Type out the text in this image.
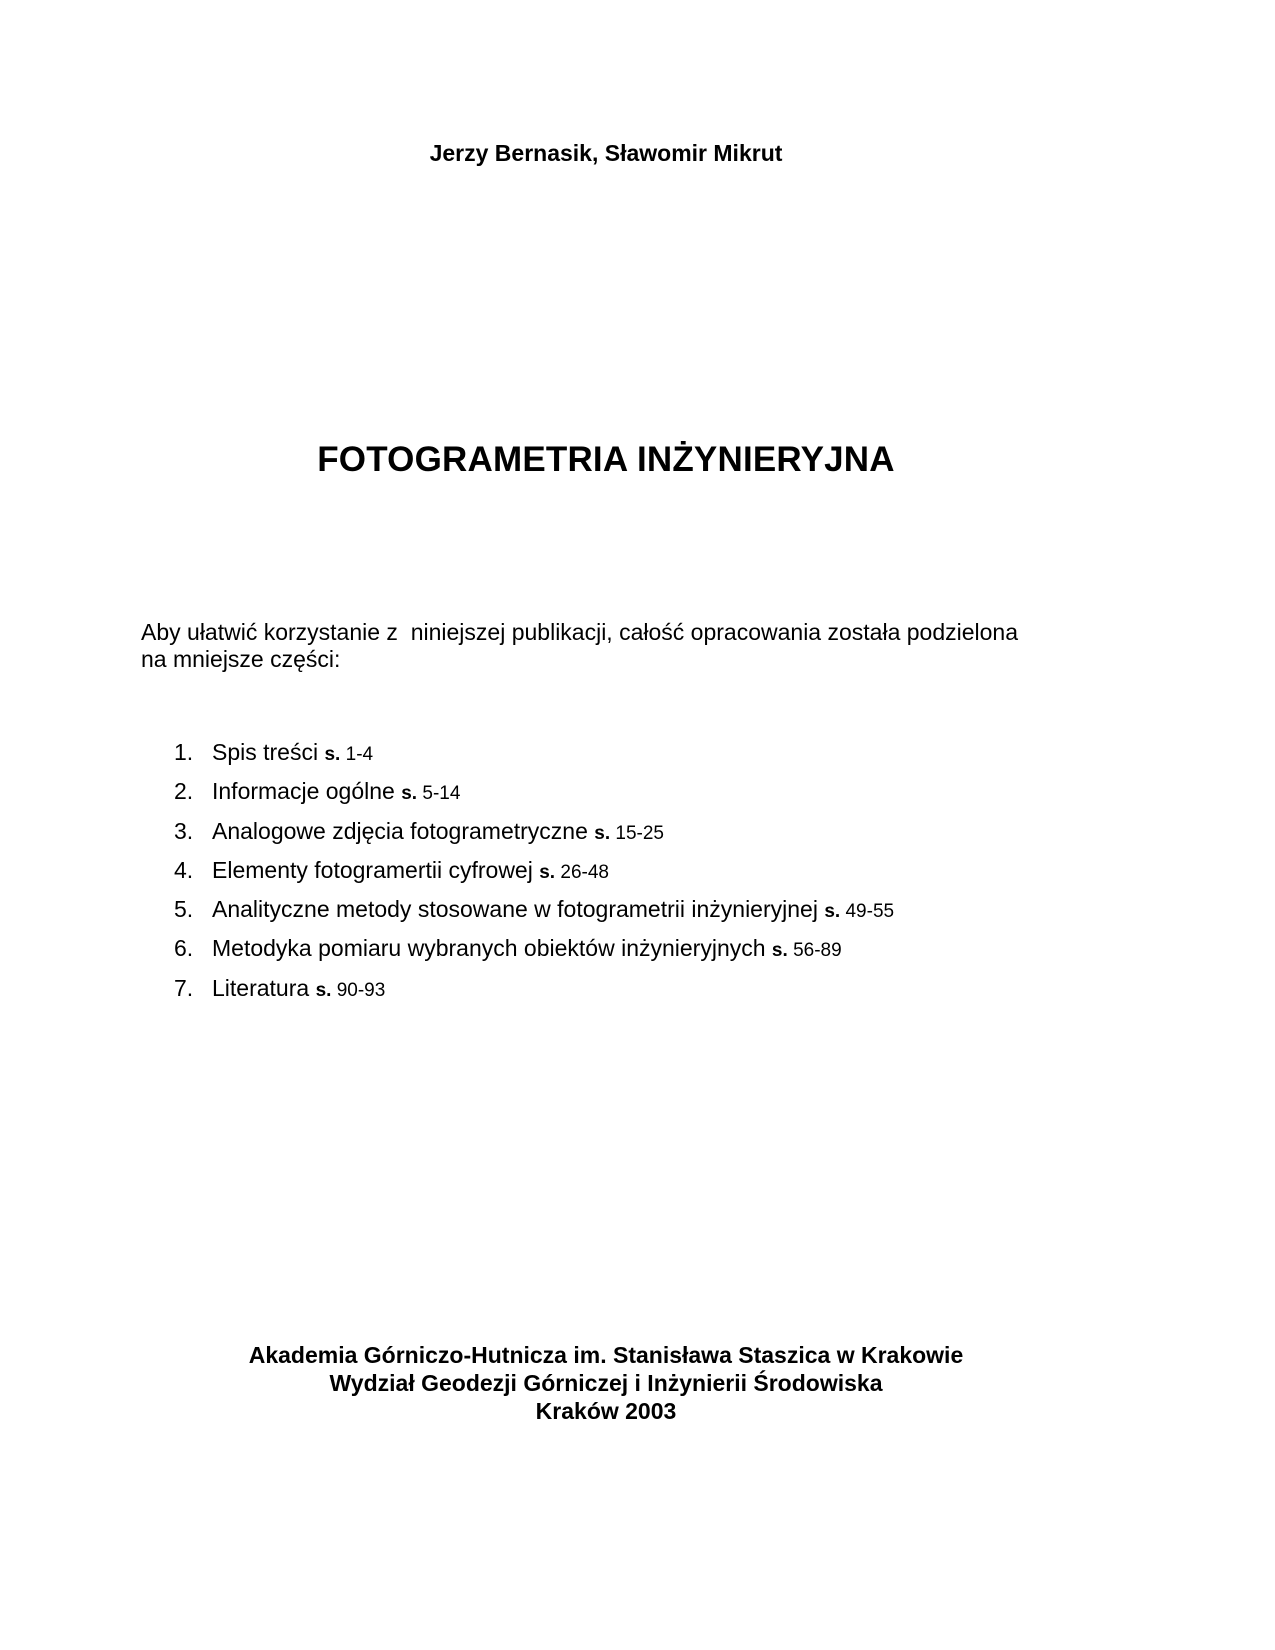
Jerzy Bernasik, Sławomir Mikrut
FOTOGRAMETRIA INŻYNIERYJNA
Aby ułatwić korzystanie z  niniejszej publikacji, całość opracowania została podzielona
na mniejsze części:
1. Spis treści s. 1-4
2. Informacje ogólne s. 5-14
3. Analogowe zdjęcia fotogrametryczne s. 15-25
4. Elementy fotogramertii cyfrowej s. 26-48
5. Analityczne metody stosowane w fotogrametrii inżynieryjnej s. 49-55
6. Metodyka pomiaru wybranych obiektów inżynieryjnych s. 56-89
7. Literatura s. 90-93
Akademia Górniczo-Hutnicza im. Stanisława Staszica w Krakowie
Wydział Geodezji Górniczej i Inżynierii Środowiska
Kraków 2003
